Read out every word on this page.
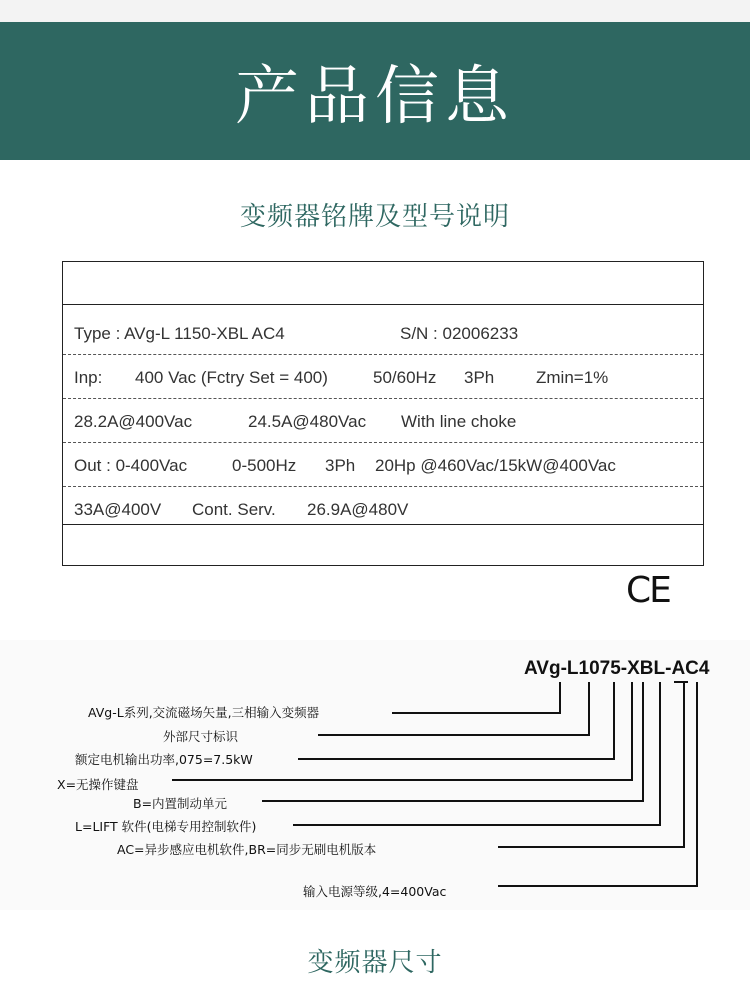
产品信息
变频器铭牌及型号说明
Type : AVg-L 1150-XBL AC4	S/N : 02006233
Inp: 400 Vac (Fctry Set = 400)	50/60Hz 3Ph Zmin=1%
28.2A@400Vac	24.5A@480Vac With line choke
Out : 0-400Vac	0-500Hz 3Ph 20Hp @460Vac/15kW@400Vac
33A@400V Cont. Serv. 26.9A@480V
CE
AVg-L1075-XBL-AC4
AVg-L系列,交流磁场矢量,三相输入变频器
外部尺寸标识
额定电机输出功率,075=7.5kW
X=无操作键盘
B=内置制动单元
L=LIFT 软件(电梯专用控制软件)
AC=异步感应电机软件,BR=同步无刷电机版本
输入电源等级,4=400Vac
变频器尺寸
